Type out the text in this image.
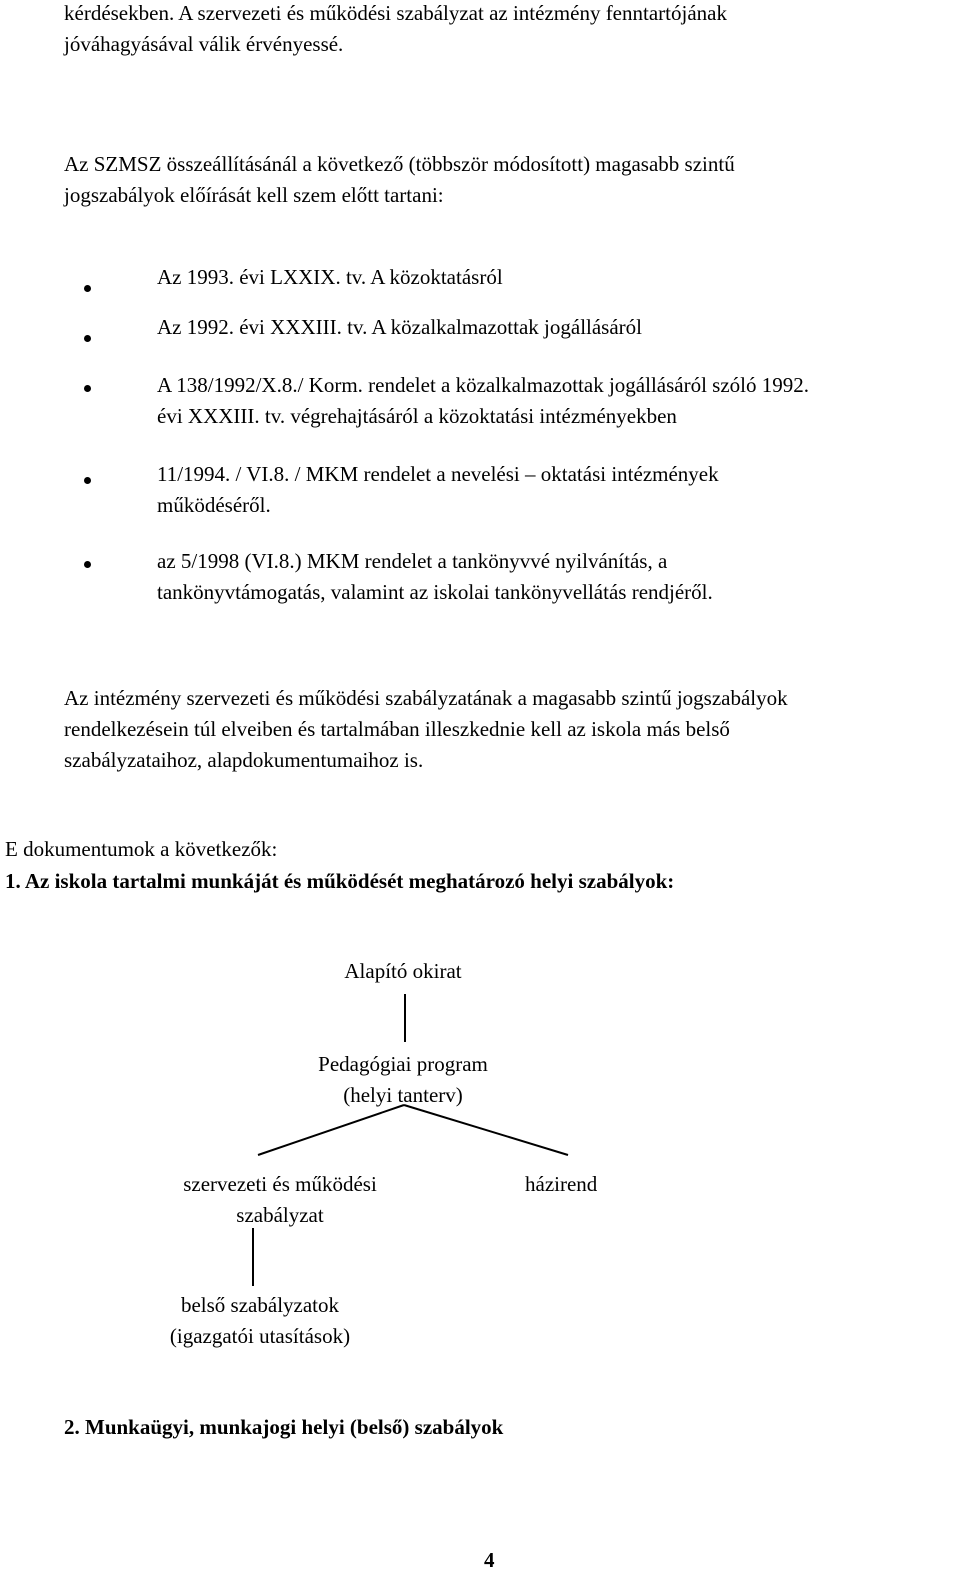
kérdésekben. A szervezeti és működési szabályzat az intézmény fenntartójának
jóváhagyásával válik érvényessé.
Az SZMSZ összeállításánál a következő (többször módosított) magasabb szintű
jogszabályok előírását kell szem előtt tartani:
Az 1993. évi LXXIX. tv. A közoktatásról
Az 1992. évi XXXIII. tv. A közalkalmazottak jogállásáról
A 138/1992/X.8./ Korm. rendelet a közalkalmazottak jogállásáról szóló 1992.
évi XXXIII. tv. végrehajtásáról a közoktatási intézményekben
11/1994. / VI.8. / MKM rendelet a nevelési – oktatási intézmények
működéséről.
az 5/1998 (VI.8.) MKM rendelet a tankönyvvé nyilvánítás, a
tankönyvtámogatás, valamint az iskolai tankönyvellátás rendjéről.
Az intézmény szervezeti és működési szabályzatának a magasabb szintű jogszabályok
rendelkezésein túl elveiben és tartalmában illeszkednie kell az iskola más belső
szabályzataihoz, alapdokumentumaihoz is.
E dokumentumok a következők:
1. Az iskola tartalmi munkáját és működését meghatározó helyi szabályok:
Alapító okirat
Pedagógiai program
(helyi tanterv)
szervezeti és működési
szabályzat
házirend
belső szabályzatok
(igazgatói utasítások)
2. Munkaügyi, munkajogi helyi (belső) szabályok
4
